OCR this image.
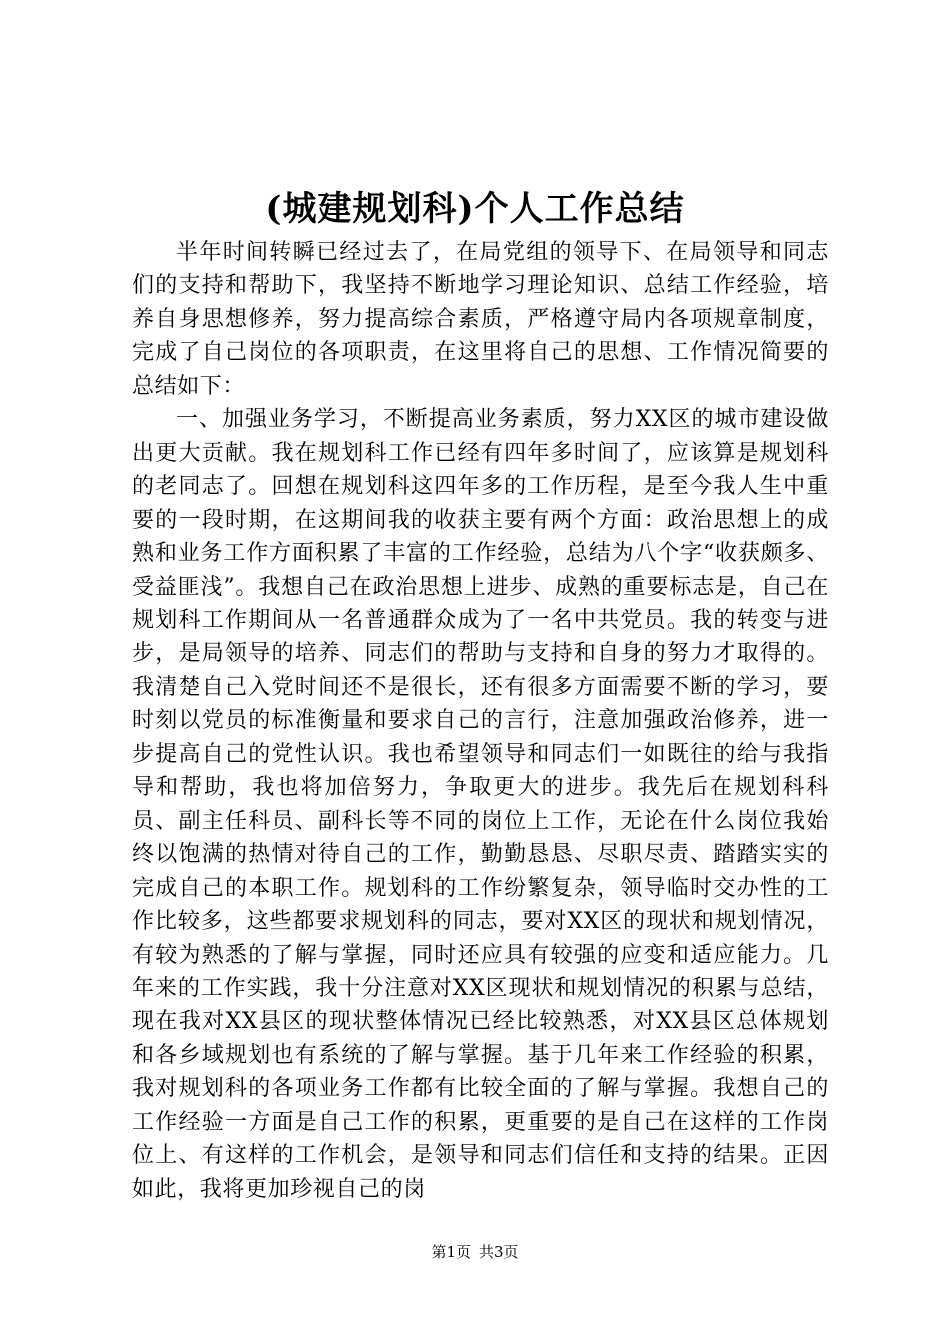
(城建规划科)个人工作总结

半年时间转瞬已经过去了，在局党组的领导下、在局领导和同志们的支持和帮助下，我坚持不断地学习理论知识、总结工作经验，培养自身思想修养，努力提高综合素质，严格遵守局内各项规章制度，完成了自己岗位的各项职责，在这里将自己的思想、工作情况简要的总结如下：

一、加强业务学习，不断提高业务素质，努力XX区的城市建设做出更大贡献。我在规划科工作已经有四年多时间了，应该算是规划科的老同志了。回想在规划科这四年多的工作历程，是至今我人生中重要的一段时期，在这期间我的收获主要有两个方面：政治思想上的成熟和业务工作方面积累了丰富的工作经验，总结为八个字“收获颇多、受益匪浅”。我想自己在政治思想上进步、成熟的重要标志是，自己在规划科工作期间从一名普通群众成为了一名中共党员。我的转变与进步，是局领导的培养、同志们的帮助与支持和自身的努力才取得的。我清楚自己入党时间还不是很长，还有很多方面需要不断的学习，要时刻以党员的标准衡量和要求自己的言行，注意加强政治修养，进一步提高自己的党性认识。我也希望领导和同志们一如既往的给与我指导和帮助，我也将加倍努力，争取更大的进步。我先后在规划科科员、副主任科员、副科长等不同的岗位上工作，无论在什么岗位我始终以饱满的热情对待自己的工作，勤勤恳恳、尽职尽责、踏踏实实的完成自己的本职工作。规划科的工作纷繁复杂，领导临时交办性的工作比较多，这些都要求规划科的同志，要对XX区的现状和规划情况，有较为熟悉的了解与掌握，同时还应具有较强的应变和适应能力。几年来的工作实践，我十分注意对XX区现状和规划情况的积累与总结，现在我对XX县区的现状整体情况已经比较熟悉，对XX县区总体规划和各乡域规划也有系统的了解与掌握。基于几年来工作经验的积累，我对规划科的各项业务工作都有比较全面的了解与掌握。我想自己的工作经验一方面是自己工作的积累，更重要的是自己在这样的工作岗位上、有这样的工作机会，是领导和同志们信任和支持的结果。正因如此，我将更加珍视自己的岗

第1页 共3页
